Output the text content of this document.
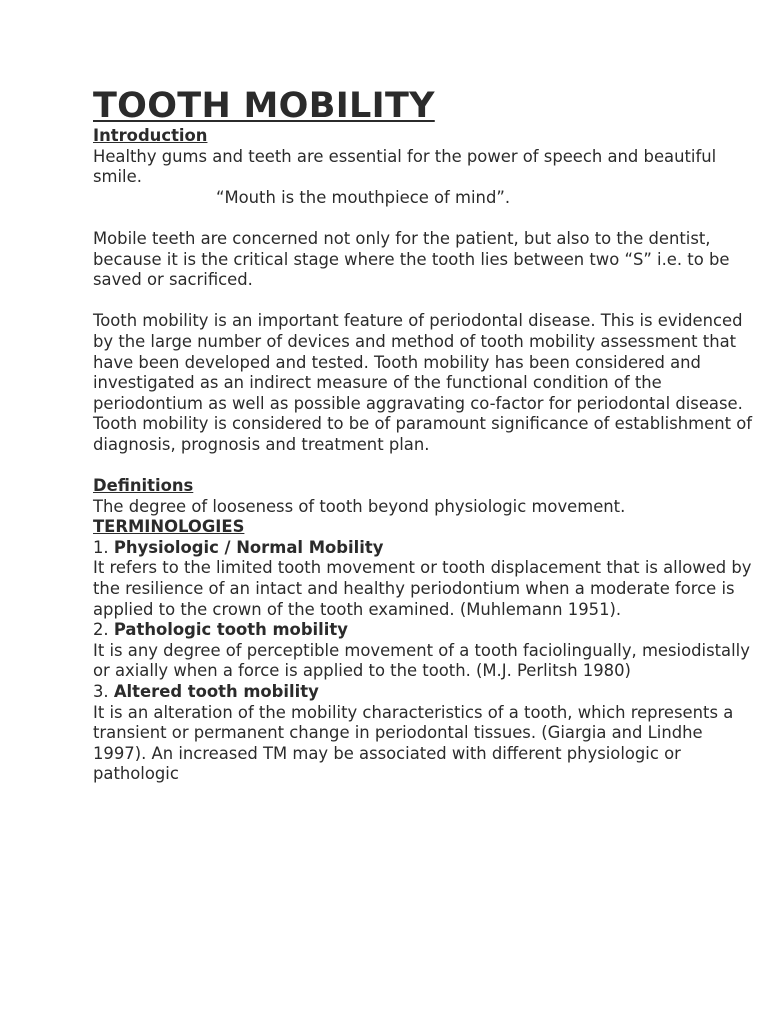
TOOTH MOBILITY
Introduction

Healthy gums and teeth are essential for the power of speech and beautiful smile.

“Mouth is the mouthpiece of mind”.

Mobile teeth are concerned not only for the patient, but also to the dentist, because it is the critical stage where the tooth lies between two “S” i.e. to be saved or sacrificed.

Tooth mobility is an important feature of periodontal disease. This is evidenced by the large number of devices and method of tooth mobility assessment that have been developed and tested. Tooth mobility has been considered and investigated as an indirect measure of the functional condition of the periodontium as well as possible aggravating co-factor for periodontal disease. Tooth mobility is considered to be of paramount significance of establishment of diagnosis, prognosis and treatment plan.

Definitions

The degree of looseness of tooth beyond physiologic movement.

TERMINOLOGIES

1. Physiologic / Normal Mobility

It refers to the limited tooth movement or tooth displacement that is allowed by the resilience of an intact and healthy periodontium when a moderate force is applied to the crown of the tooth examined. (Muhlemann 1951).

2. Pathologic tooth mobility

It is any degree of perceptible movement of a tooth faciolingually, mesiodistally or axially when a force is applied to the tooth. (M.J. Perlitsh 1980)

3. Altered tooth mobility

It is an alteration of the mobility characteristics of a tooth, which represents a transient or permanent change in periodontal tissues. (Giargia and Lindhe 1997). An increased TM may be associated with different physiologic or pathologic
